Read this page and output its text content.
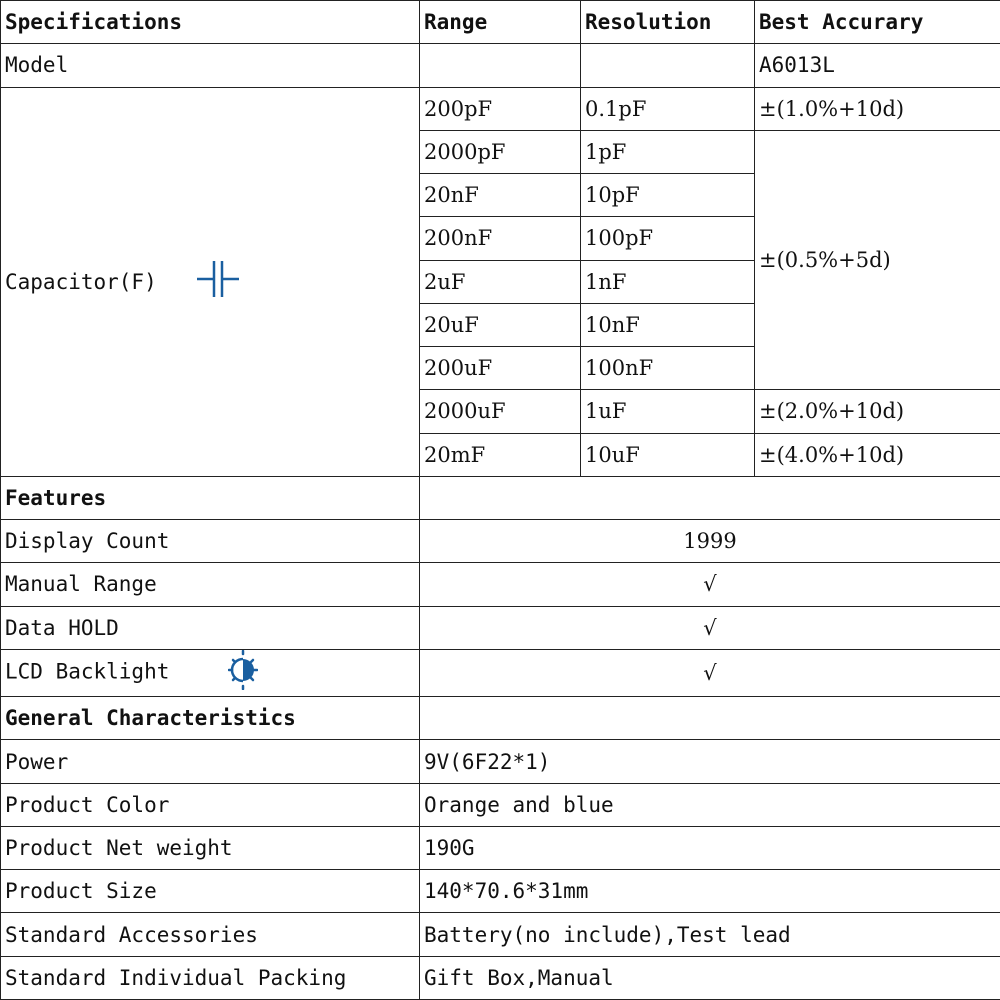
Specifications	Range	Resolution	Best Accurary
Model			A6013L
Capacitor(F)	200pF	0.1pF	±(1.0%+10d)
	2000pF	1pF	±(0.5%+5d)
	20nF	10pF	
	200nF	100pF	
	2uF	1nF	
	20uF	10nF	
	200uF	100nF	
	2000uF	1uF	±(2.0%+10d)
	20mF	10uF	±(4.0%+10d)
Features			
Display Count	1999		
Manual Range	√		
Data HOLD	√		
LCD Backlight	√		
General Characteristics			
Power	9V(6F22*1)		
Product Color	Orange and blue		
Product Net weight	190G		
Product Size	140*70.6*31mm		
Standard Accessories	Battery(no include),Test lead		
Standard Individual Packing	Gift Box,Manual		
